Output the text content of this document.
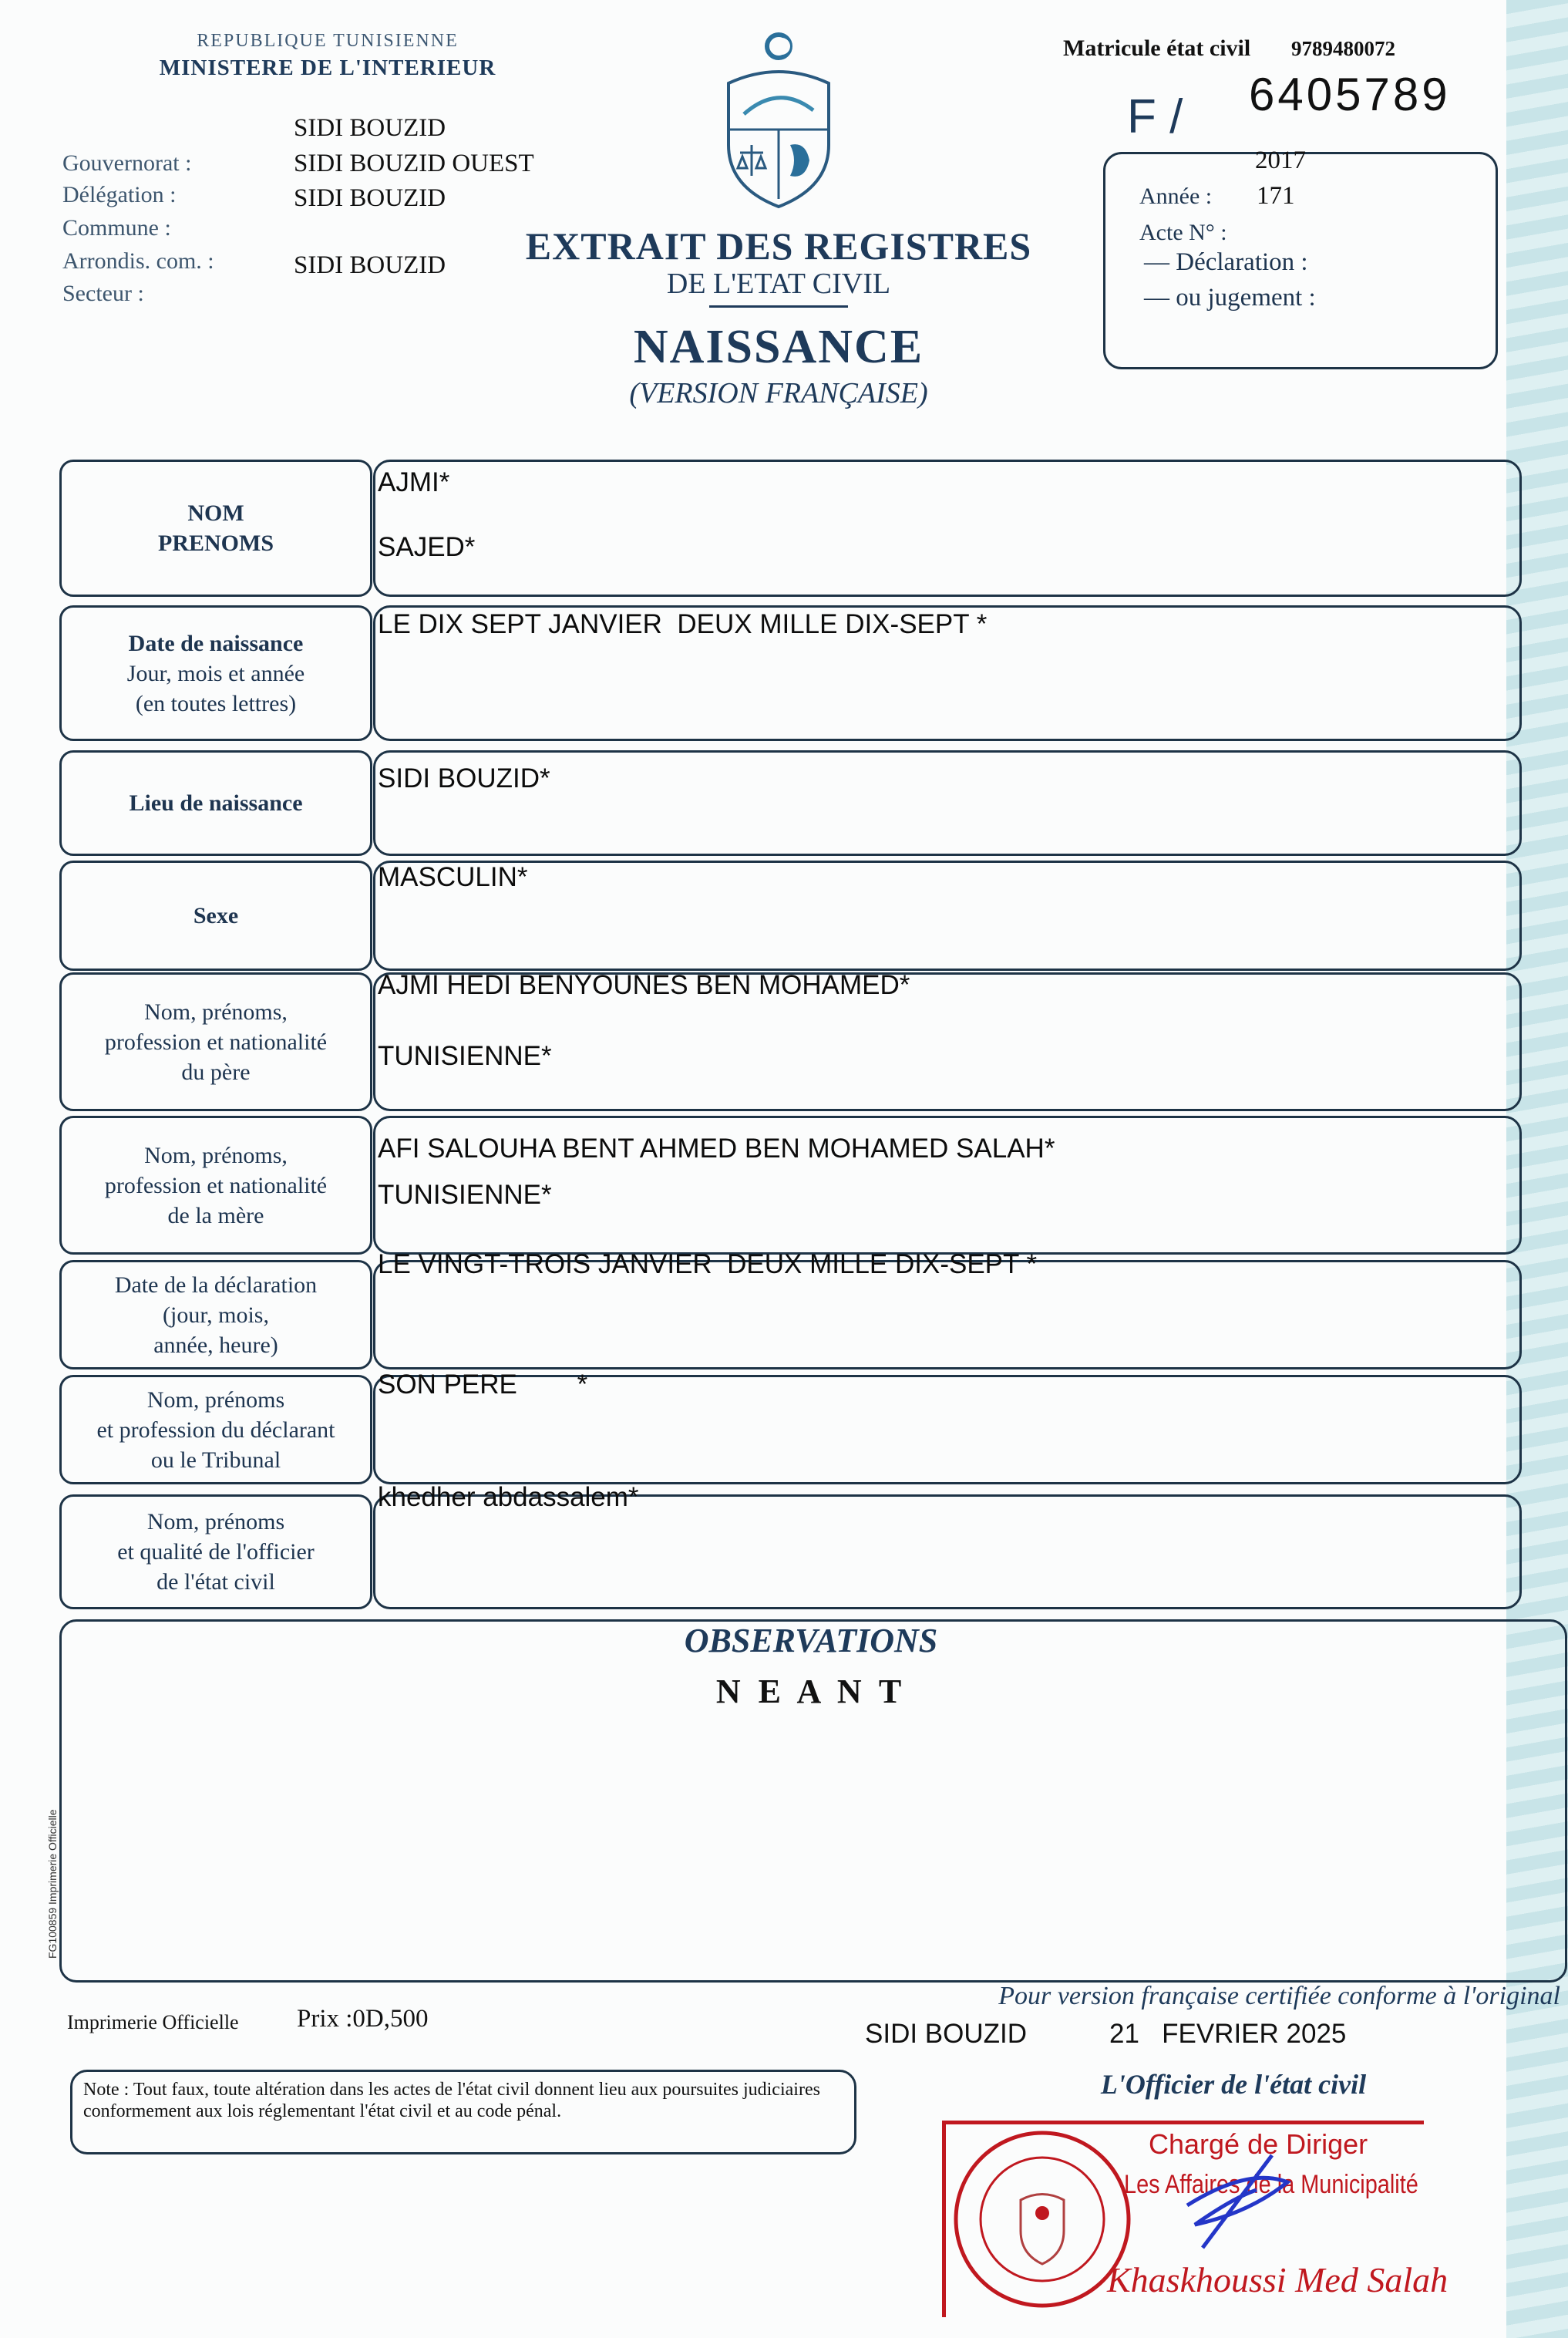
REPUBLIQUE TUNISIENNE
MINISTERE DE L'INTERIEUR
Gouvernorat :
Délégation :
Commune :
Arrondis. com. :
Secteur :
SIDI BOUZID
SIDI BOUZID OUEST
SIDI BOUZID
SIDI BOUZID	EXTRAIT DES REGISTRES
DE L'ETAT CIVIL
NAISSANCE
(VERSION FRANÇAISE)
Matricule état civil 9789480072
6405789
F /
2017
Année : 171
Acte N° :
— Déclaration :
— ou jugement :
NOM
PRENOMS
AJMI*
SAJED*
Date de naissance
Jour, mois et année
(en toutes lettres)
LE DIX SEPT JANVIER  DEUX MILLE DIX-SEPT *
Lieu de naissance
SIDI BOUZID*
Sexe
MASCULIN*
Nom, prénoms,
profession et nationalité
du père
AJMI HEDI BENYOUNES BEN MOHAMED*
TUNISIENNE*
Nom, prénoms,
profession et nationalité
de la mère
AFI SALOUHA BENT AHMED BEN MOHAMED SALAH*
TUNISIENNE*
Date de la déclaration
(jour, mois,
année, heure)
LE VINGT-TROIS JANVIER  DEUX MILLE DIX-SEPT *
Nom, prénoms
et profession du déclarant
ou le Tribunal
SON PERE        *
Nom, prénoms
et qualité de l'officier
de l'état civil
khedher abdassalem*
OBSERVATIONS
N E A N T
FG100859 Imprimerie Officielle
Imprimerie Officielle Prix :0D,500
Pour version française certifiée conforme à l'original
SIDI BOUZID	21   FEVRIER 2025
L'Officier de l'état civil
Note : Tout faux, toute altération dans les actes de l'état civil donnent lieu aux poursuites judiciaires conformement aux lois réglementant l'état civil et au code pénal.
Chargé de Diriger
Les Affaires de la Municipalité
Khaskhoussi Med Salah
